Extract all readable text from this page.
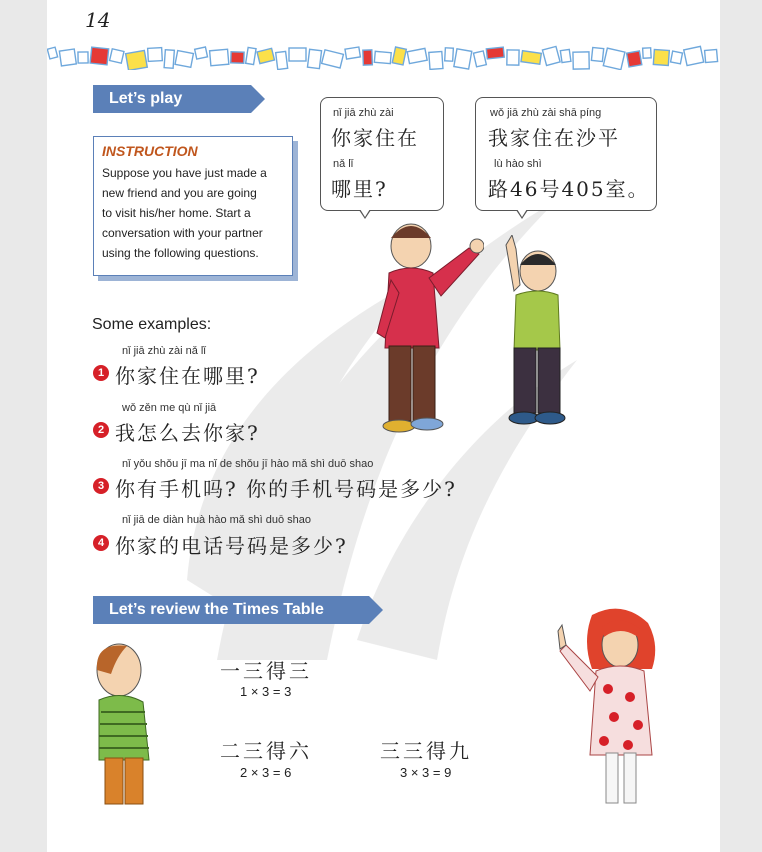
14
Let’s play
INSTRUCTION
Suppose you have just made a
new friend and you are going
to visit his/her home. Start a
conversation with your partner
using the following questions.
nǐ jiā zhù zài
你家住在
nǎ lǐ
哪里?
wǒ jiā zhù zài shā píng
我家住在沙平
lù hào shì
路46号405室。
Some examples:
nǐ jiā zhù zài nǎ lǐ
1 你家住在哪里?
wǒ zěn me qù nǐ jiā
2 我怎么去你家?
nǐ yǒu shǒu jī ma nǐ de shǒu jī hào mǎ shì duō shao
3 你有手机吗? 你的手机号码是多少?
nǐ jiā de diàn huà hào mǎ shì duō shao
4 你家的电话号码是多少?
Let’s review the Times Table
一三得三
1 × 3 = 3
二三得六
2 × 3 = 6
三三得九
3 × 3 = 9
